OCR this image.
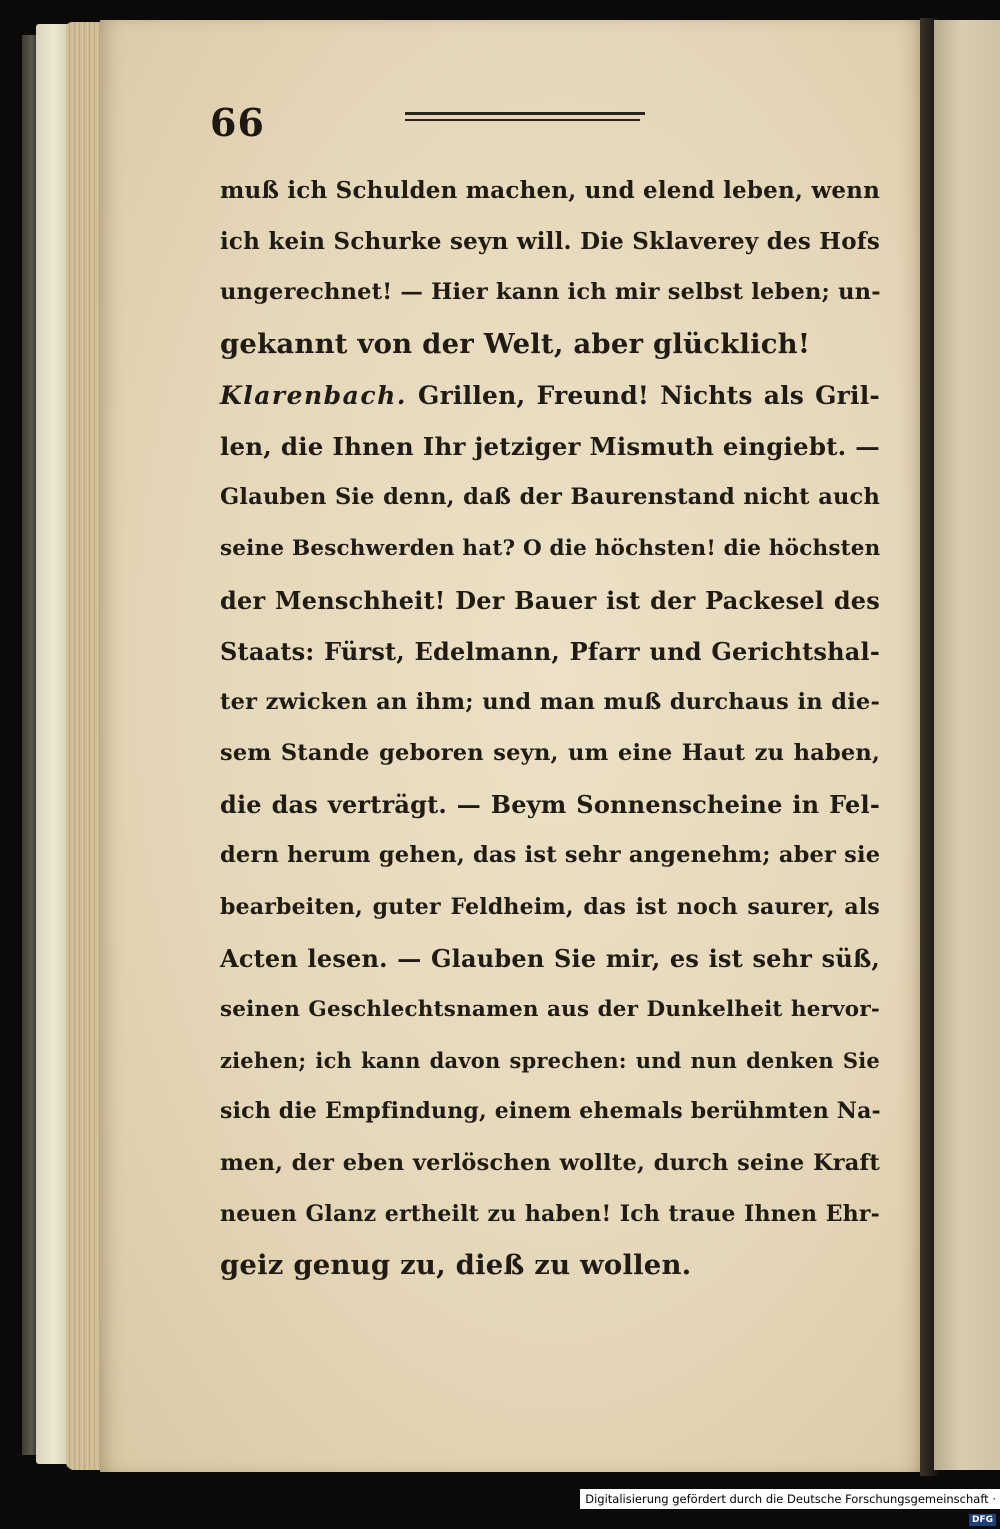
66
muß ich Schulden machen, und elend leben, wenn
ich kein Schurke seyn will. Die Sklaverey des Hofs
ungerechnet! — Hier kann ich mir selbst leben; un-
gekannt von der Welt, aber glücklich!
Klarenbach. Grillen, Freund! Nichts als Gril-
len, die Ihnen Ihr jetziger Mismuth eingiebt. —
Glauben Sie denn, daß der Baurenstand nicht auch
seine Beschwerden hat? O die höchsten! die höchsten
der Menschheit! Der Bauer ist der Packesel des
Staats: Fürst, Edelmann, Pfarr und Gerichtshal-
ter zwicken an ihm; und man muß durchaus in die-
sem Stande geboren seyn, um eine Haut zu haben,
die das verträgt. — Beym Sonnenscheine in Fel-
dern herum gehen, das ist sehr angenehm; aber sie
bearbeiten, guter Feldheim, das ist noch saurer, als
Acten lesen. — Glauben Sie mir, es ist sehr süß,
seinen Geschlechtsnamen aus der Dunkelheit hervor-
ziehen; ich kann davon sprechen: und nun denken Sie
sich die Empfindung, einem ehemals berühmten Na-
men, der eben verlöschen wollte, durch seine Kraft
neuen Glanz ertheilt zu haben! Ich traue Ihnen Ehr-
geiz genug zu, dieß zu wollen.
Digitalisierung gefördert durch die Deutsche Forschungsgemeinschaft ·DFG
